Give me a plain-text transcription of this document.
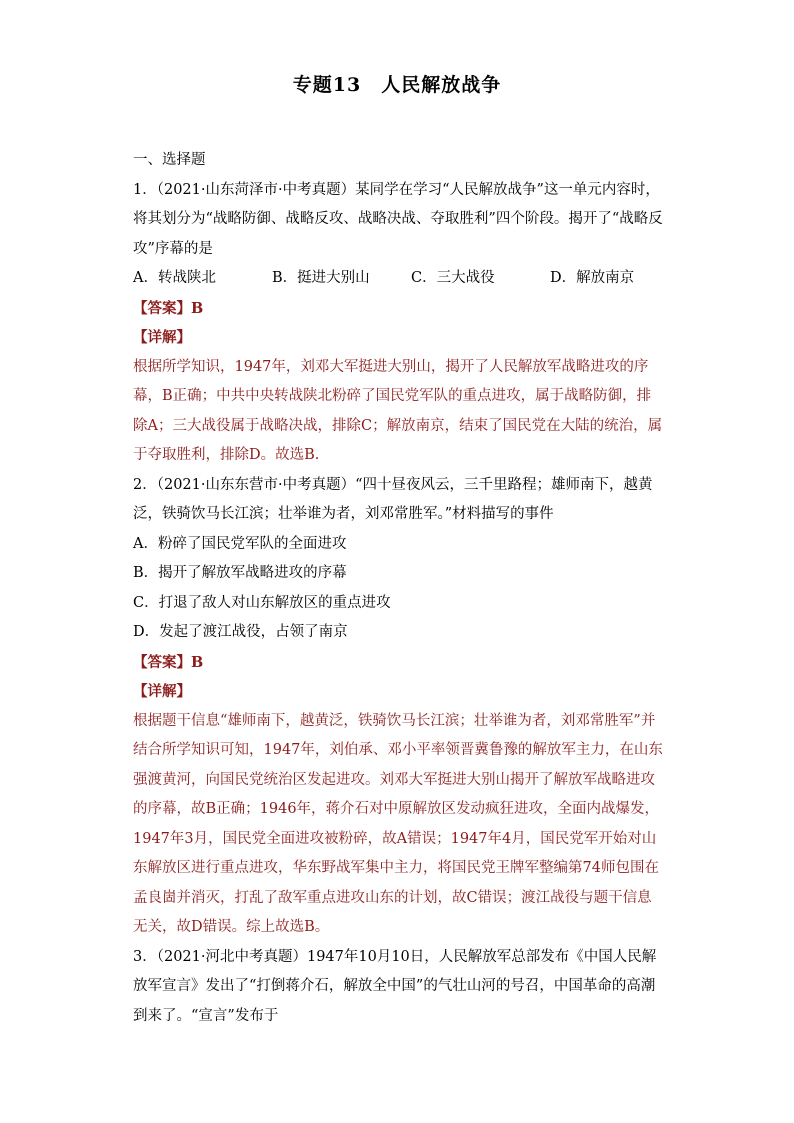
专题13　人民解放战争

一、选择题

1．（2021·山东菏泽市·中考真题）某同学在学习“人民解放战争”这一单元内容时，将其划分为“战略防御、战略反攻、战略决战、夺取胜利”四个阶段。揭开了“战略反攻”序幕的是

A．转战陕北	B．挺进大别山	C．三大战役	D．解放南京

【答案】B

【详解】

根据所学知识，1947年，刘邓大军挺进大别山，揭开了人民解放军战略进攻的序幕，B正确；中共中央转战陕北粉碎了国民党军队的重点进攻，属于战略防御，排除A；三大战役属于战略决战，排除C；解放南京，结束了国民党在大陆的统治，属于夺取胜利，排除D。故选B.

2．（2021·山东东营市·中考真题）“四十昼夜风云，三千里路程；雄师南下，越黄泛，铁骑饮马长江滨；壮举谁为者，刘邓常胜军。”材料描写的事件

A．粉碎了国民党军队的全面进攻

B．揭开了解放军战略进攻的序幕

C．打退了敌人对山东解放区的重点进攻

D．发起了渡江战役，占领了南京

【答案】B

【详解】

根据题干信息“雄师南下，越黄泛，铁骑饮马长江滨；壮举谁为者，刘邓常胜军”并结合所学知识可知，1947年，刘伯承、邓小平率领晋冀鲁豫的解放军主力，在山东强渡黄河，向国民党统治区发起进攻。刘邓大军挺进大别山揭开了解放军战略进攻的序幕，故B正确；1946年，蒋介石对中原解放区发动疯狂进攻，全面内战爆发，1947年3月，国民党全面进攻被粉碎，故A错误；1947年4月，国民党军开始对山东解放区进行重点进攻，华东野战军集中主力，将国民党王牌军整编第74师包围在孟良崮并消灭，打乱了敌军重点进攻山东的计划，故C错误；渡江战役与题干信息无关，故D错误。综上故选B。

3．（2021·河北中考真题）1947年10月10日，人民解放军总部发布《中国人民解放军宣言》发出了“打倒蒋介石，解放全中国”的气壮山河的号召，中国革命的高潮到来了。“宣言”发布于
